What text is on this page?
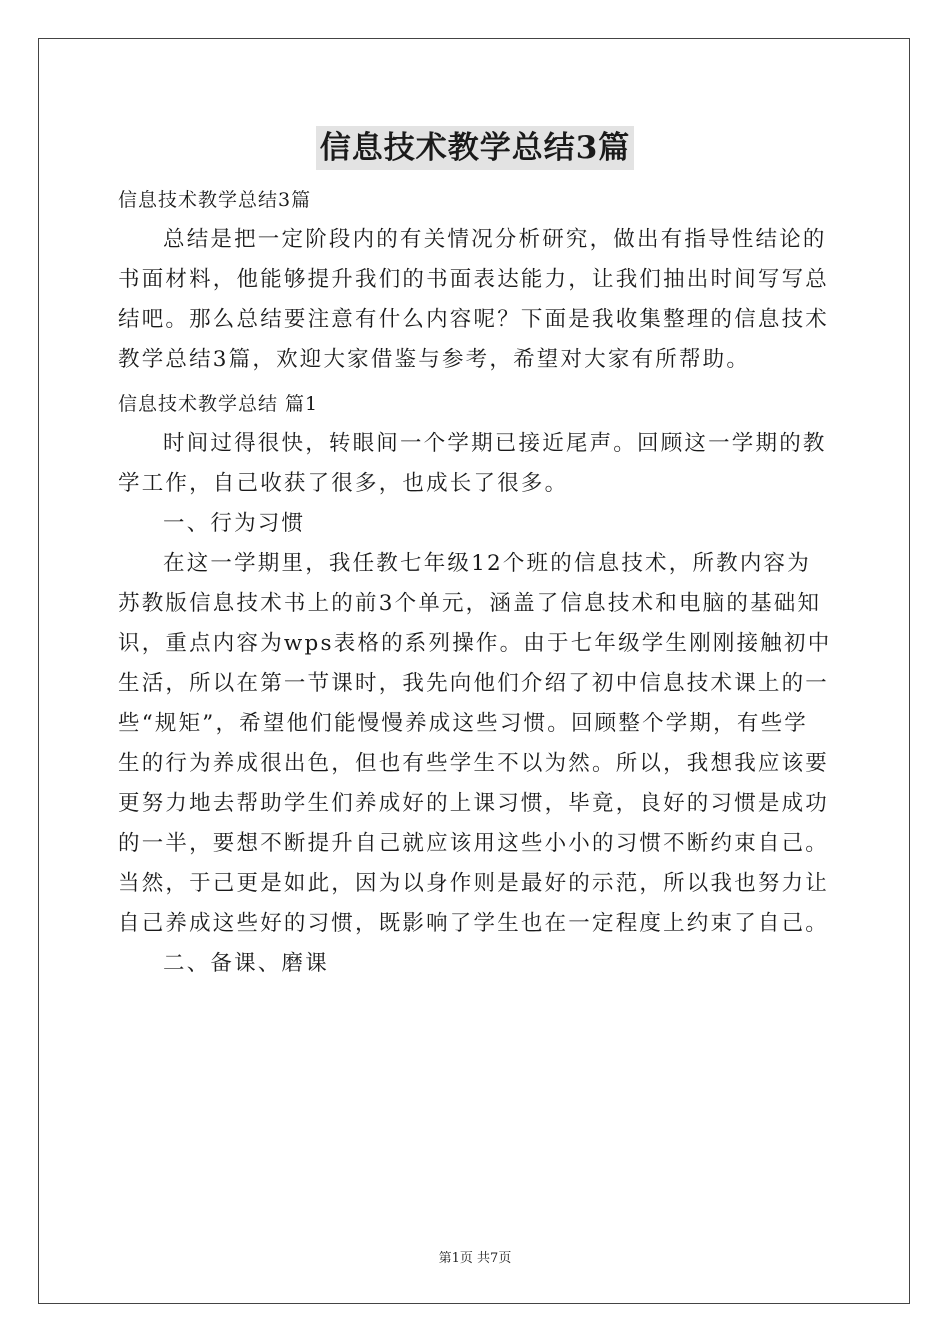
信息技术教学总结3篇
信息技术教学总结3篇
总结是把一定阶段内的有关情况分析研究，做出有指导性结论的
书面材料，他能够提升我们的书面表达能力，让我们抽出时间写写总
结吧。那么总结要注意有什么内容呢？下面是我收集整理的信息技术
教学总结3篇，欢迎大家借鉴与参考，希望对大家有所帮助。
信息技术教学总结 篇1
时间过得很快，转眼间一个学期已接近尾声。回顾这一学期的教
学工作，自己收获了很多，也成长了很多。
一、行为习惯
在这一学期里，我任教七年级12个班的信息技术，所教内容为
苏教版信息技术书上的前3个单元，涵盖了信息技术和电脑的基础知
识，重点内容为wps表格的系列操作。由于七年级学生刚刚接触初中
生活，所以在第一节课时，我先向他们介绍了初中信息技术课上的一
些“规矩”，希望他们能慢慢养成这些习惯。回顾整个学期，有些学
生的行为养成很出色，但也有些学生不以为然。所以，我想我应该要
更努力地去帮助学生们养成好的上课习惯，毕竟，良好的习惯是成功
的一半，要想不断提升自己就应该用这些小小的习惯不断约束自己。
当然，于己更是如此，因为以身作则是最好的示范，所以我也努力让
自己养成这些好的习惯，既影响了学生也在一定程度上约束了自己。
二、备课、磨课
第1页 共7页
